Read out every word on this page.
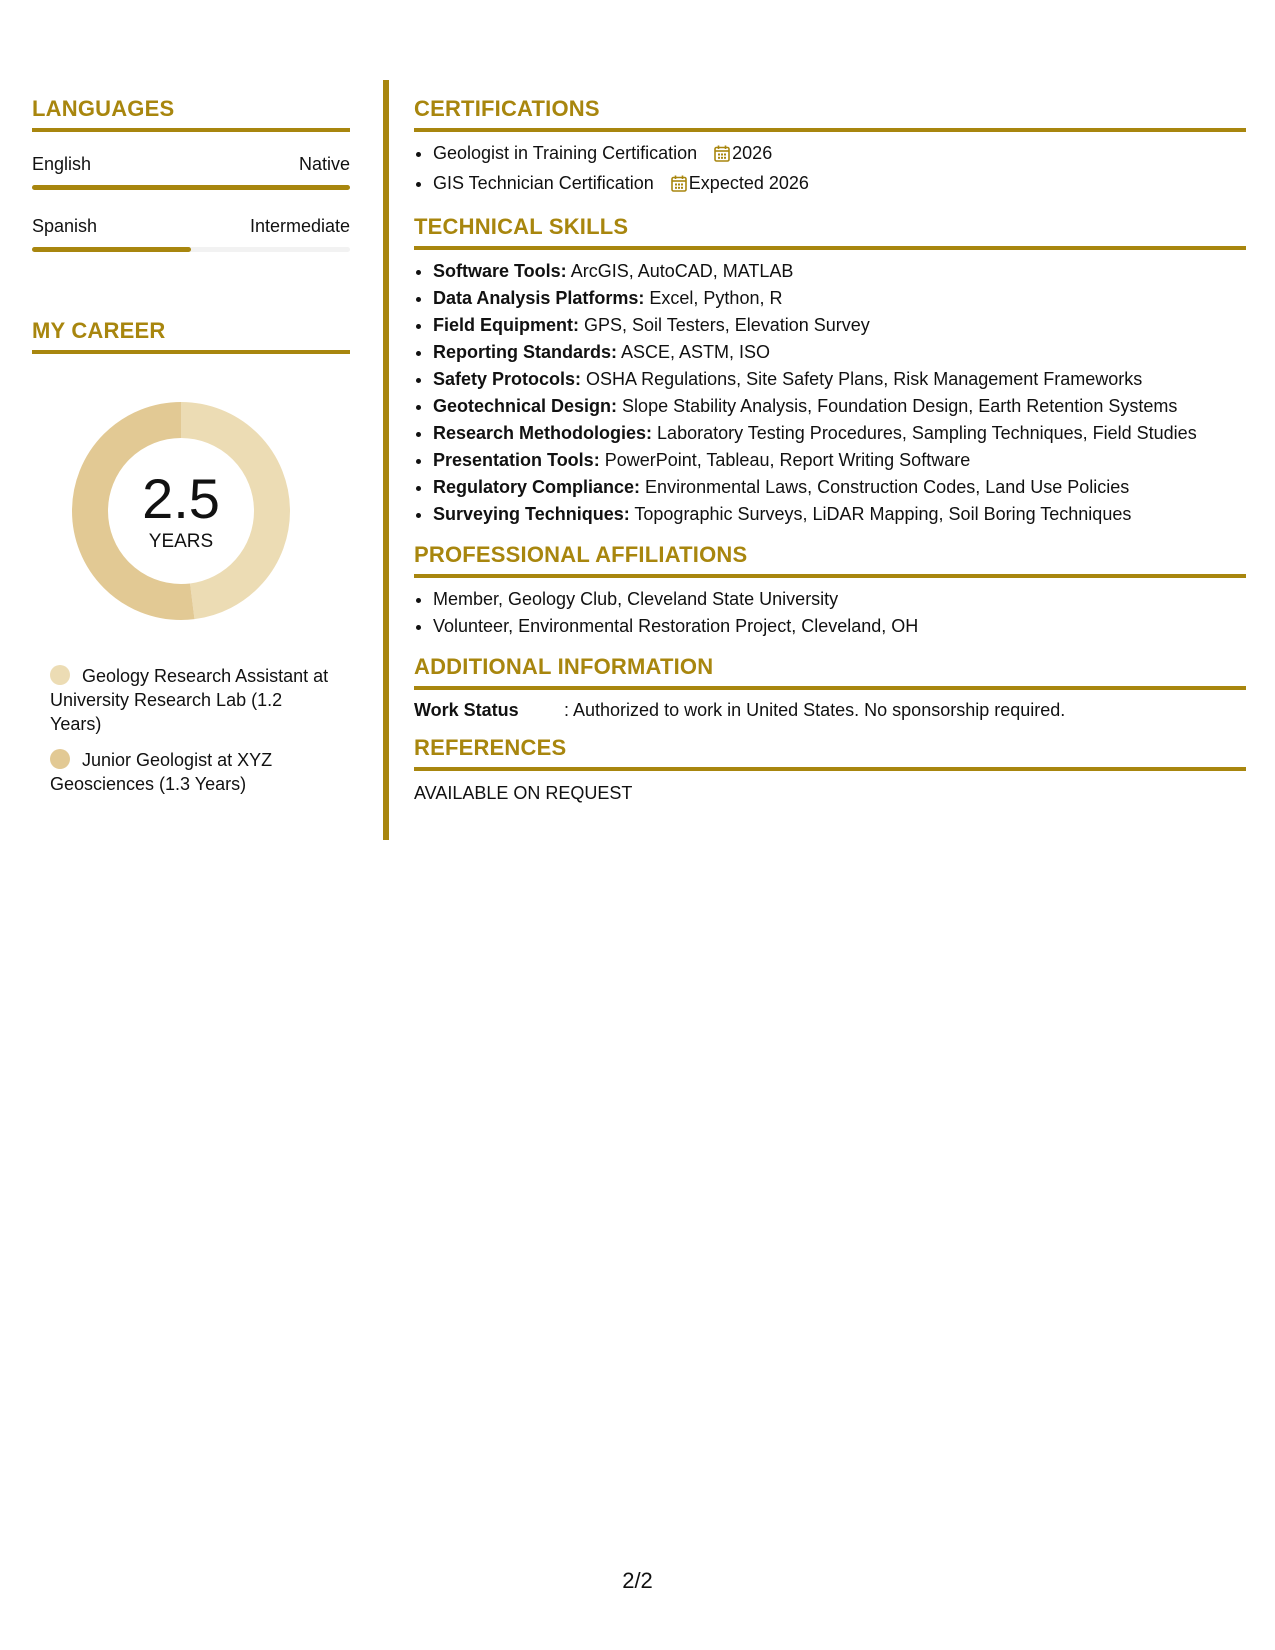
LANGUAGES
English	Native
Spanish	Intermediate
MY CAREER
2.5
YEARS
Geology Research Assistant at University Research Lab (1.2 Years)
Junior Geologist at XYZ Geosciences (1.3 Years)
CERTIFICATIONS
• Geologist in Training Certification 2026
• GIS Technician Certification Expected 2026
TECHNICAL SKILLS
• Software Tools: ArcGIS, AutoCAD, MATLAB
• Data Analysis Platforms: Excel, Python, R
• Field Equipment: GPS, Soil Testers, Elevation Survey
• Reporting Standards: ASCE, ASTM, ISO
• Safety Protocols: OSHA Regulations, Site Safety Plans, Risk Management Frameworks
• Geotechnical Design: Slope Stability Analysis, Foundation Design, Earth Retention Systems
• Research Methodologies: Laboratory Testing Procedures, Sampling Techniques, Field Studies
• Presentation Tools: PowerPoint, Tableau, Report Writing Software
• Regulatory Compliance: Environmental Laws, Construction Codes, Land Use Policies
• Surveying Techniques: Topographic Surveys, LiDAR Mapping, Soil Boring Techniques
PROFESSIONAL AFFILIATIONS
• Member, Geology Club, Cleveland State University
• Volunteer, Environmental Restoration Project, Cleveland, OH
ADDITIONAL INFORMATION
Work Status	: Authorized to work in United States. No sponsorship required.
REFERENCES
AVAILABLE ON REQUEST
2/2
